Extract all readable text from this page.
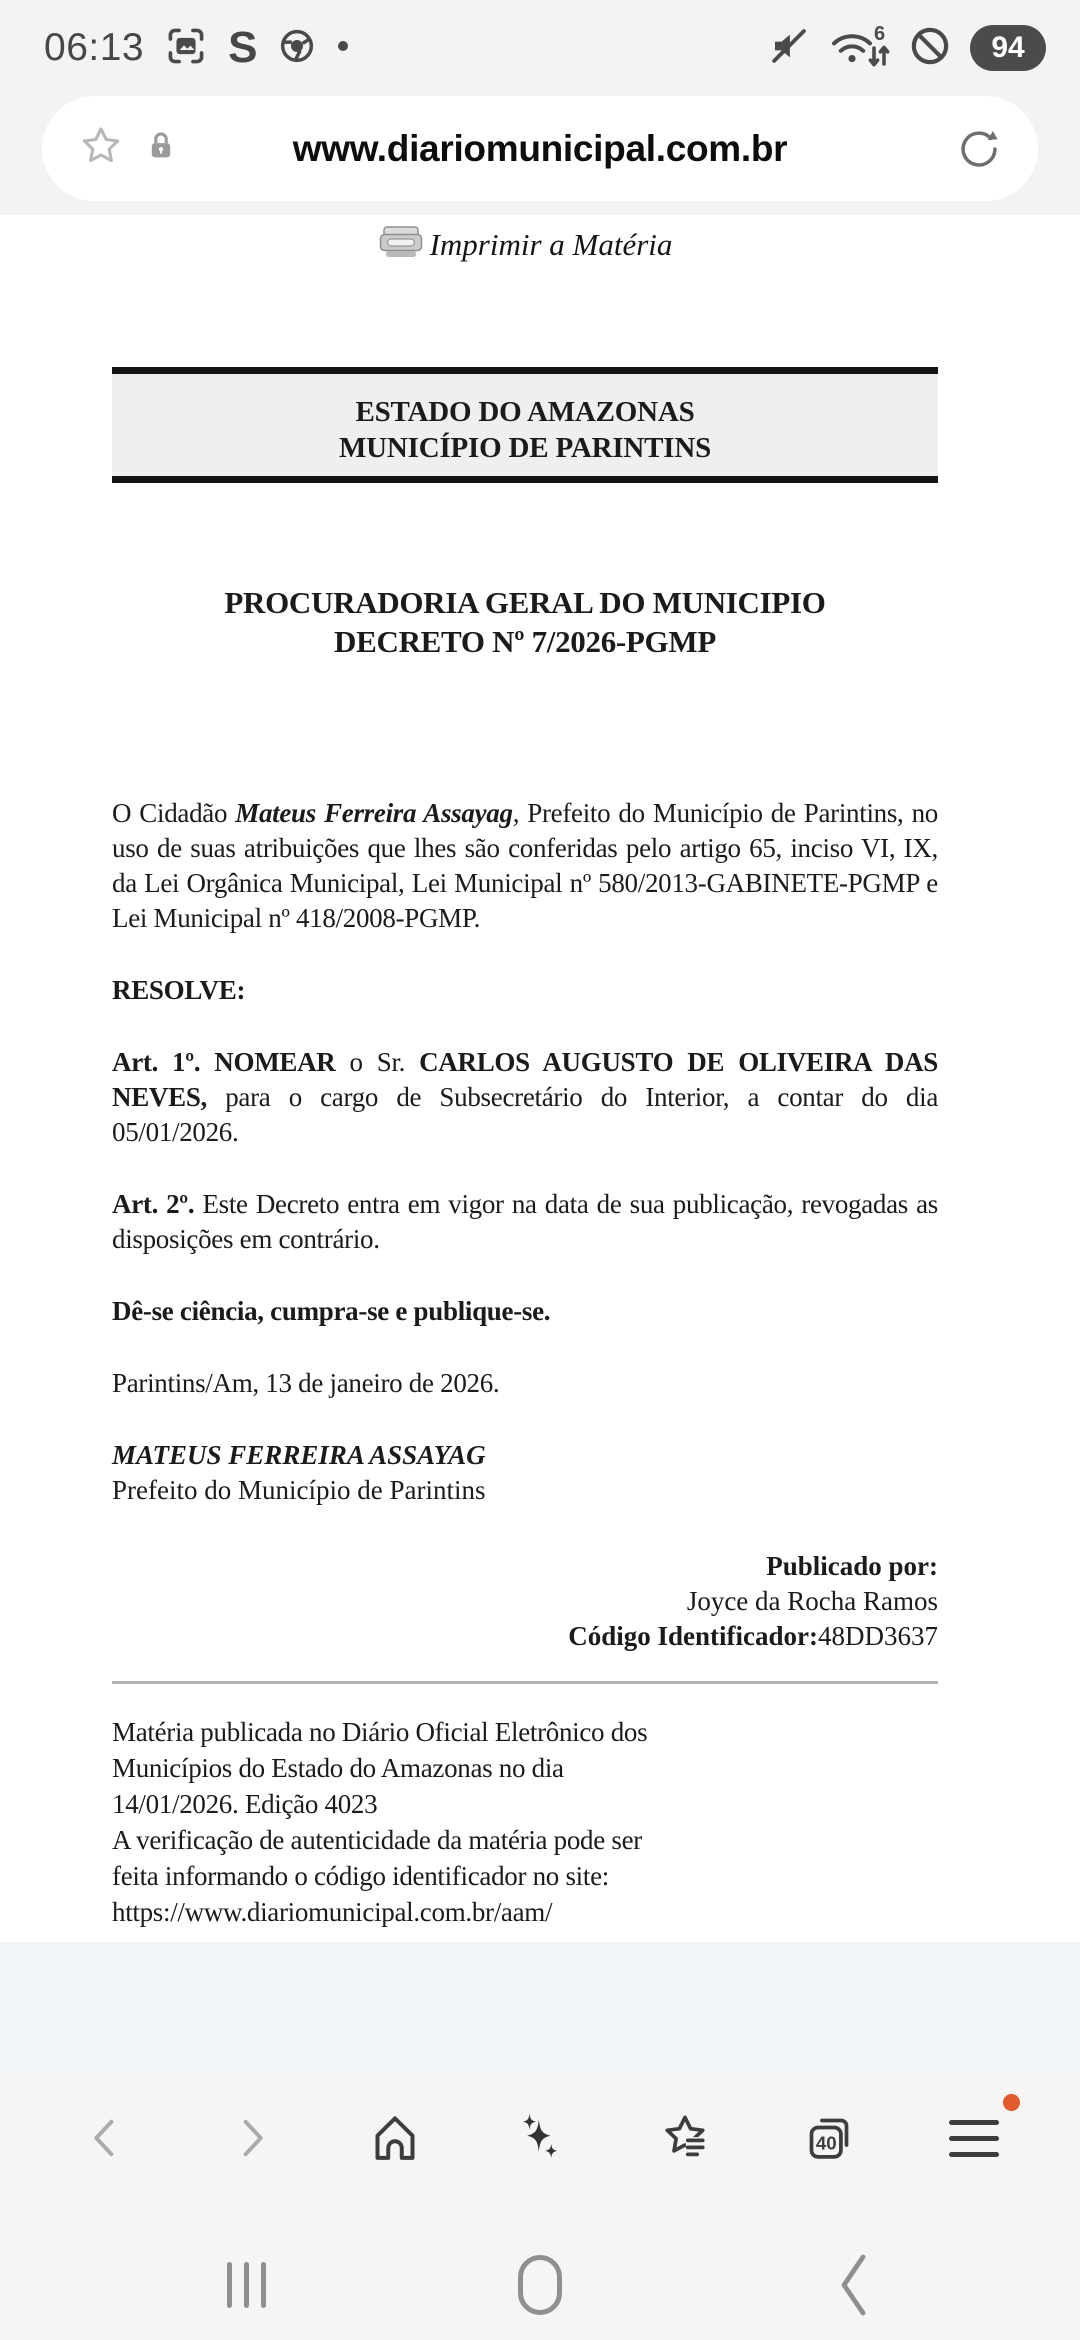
06:13 S	6	94
www.diariomunicipal.com.br
Imprimir a Matéria
ESTADO DO AMAZONAS
MUNICÍPIO DE PARINTINS
PROCURADORIA GERAL DO MUNICIPIO
DECRETO Nº 7/2026-PGMP

O Cidadão Mateus Ferreira Assayag, Prefeito do Município de Parintins, no uso de suas atribuições que lhes são conferidas pelo artigo 65, inciso VI, IX, da Lei Orgânica Municipal, Lei Municipal nº 580/2013-GABINETE-PGMP e Lei Municipal nº 418/2008-PGMP.

RESOLVE:

Art. 1º. NOMEAR o Sr. CARLOS AUGUSTO DE OLIVEIRA DAS NEVES, para o cargo de Subsecretário do Interior, a contar do dia 05/01/2026.

Art. 2º. Este Decreto entra em vigor na data de sua publicação, revogadas as disposições em contrário.

Dê-se ciência, cumpra-se e publique-se.

Parintins/Am, 13 de janeiro de 2026.

MATEUS FERREIRA ASSAYAG
Prefeito do Município de Parintins
Publicado por:
Joyce da Rocha Ramos
Código Identificador:48DD3637
Matéria publicada no Diário Oficial Eletrônico dos
Municípios do Estado do Amazonas no dia
14/01/2026. Edição 4023
A verificação de autenticidade da matéria pode ser
feita informando o código identificador no site:
https://www.diariomunicipal.com.br/aam/
40
